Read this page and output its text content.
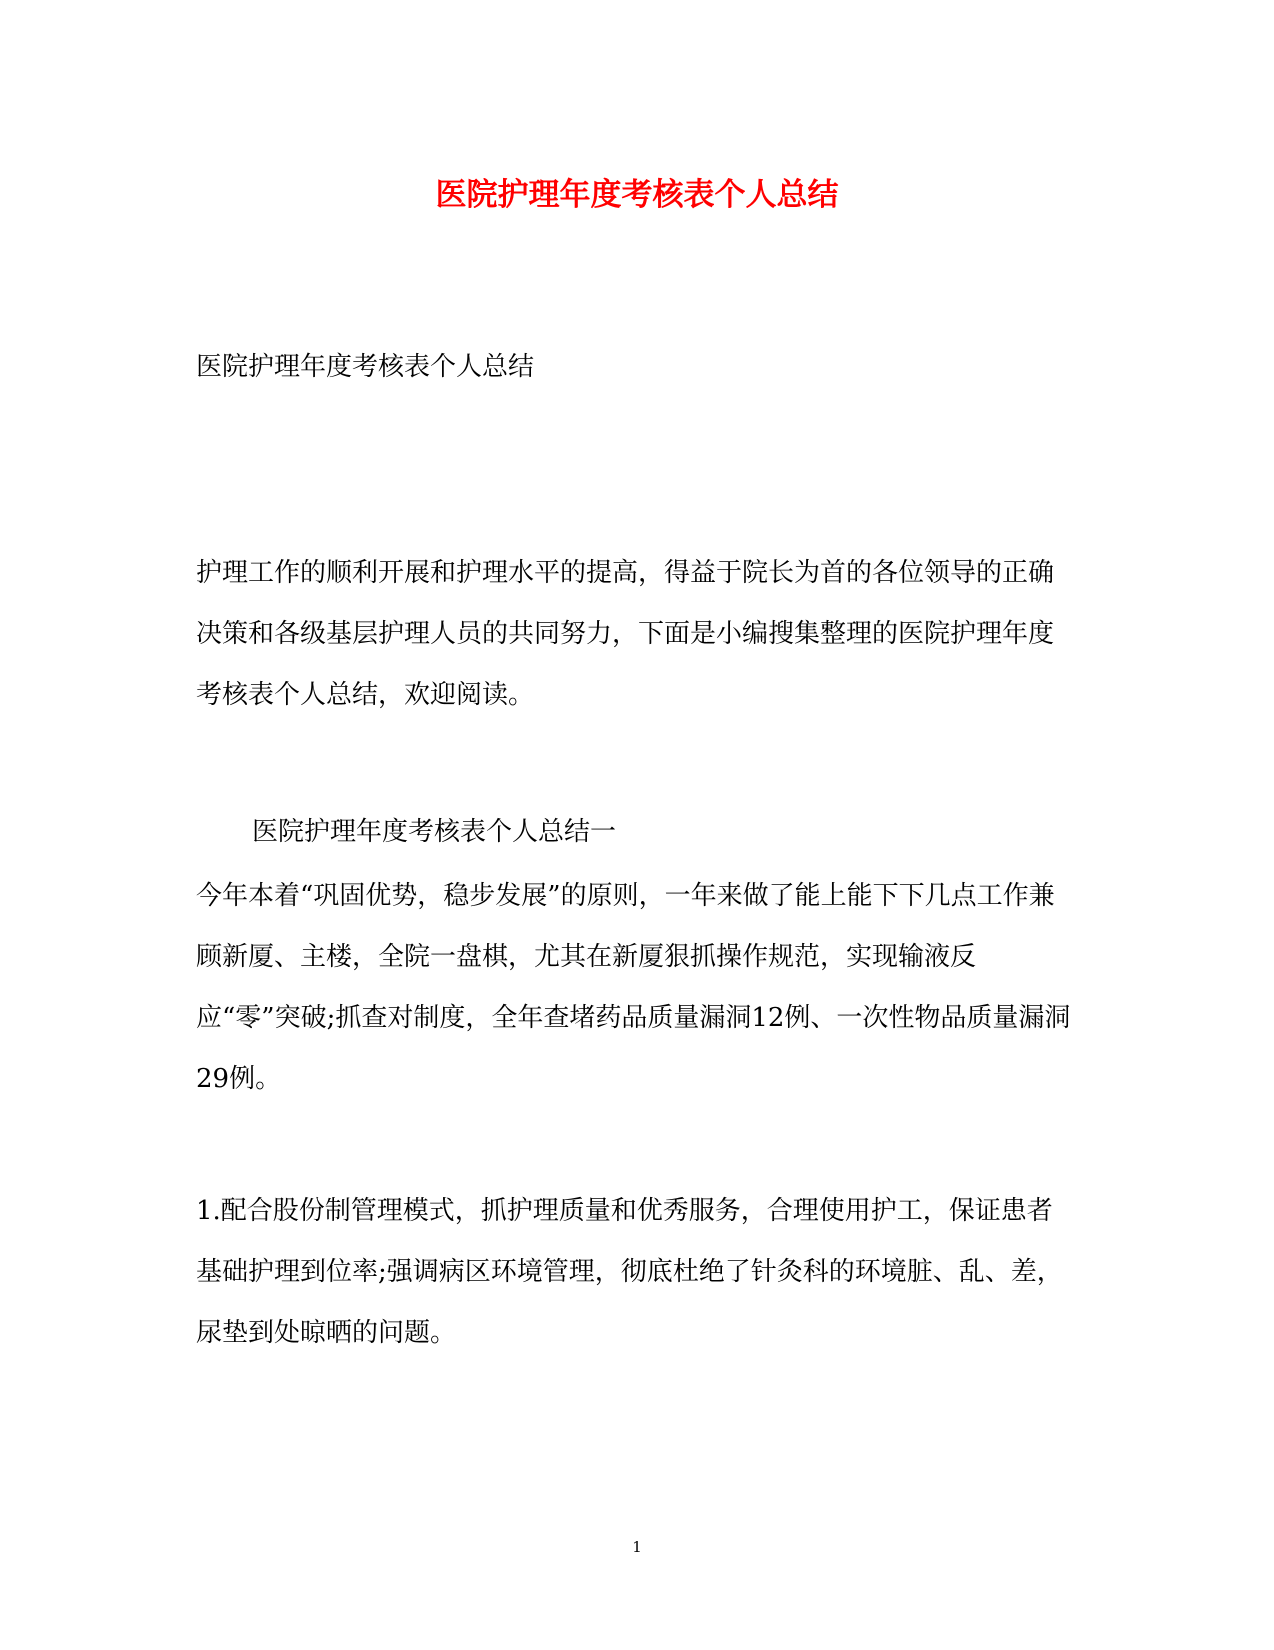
医院护理年度考核表个人总结

医院护理年度考核表个人总结

护理工作的顺利开展和护理水平的提高，得益于院长为首的各位领导的正确决策和各级基层护理人员的共同努力，下面是小编搜集整理的医院护理年度考核表个人总结，欢迎阅读。

医院护理年度考核表个人总结一

今年本着“巩固优势，稳步发展”的原则，一年来做了能上能下下几点工作兼顾新厦、主楼，全院一盘棋，尤其在新厦狠抓操作规范，实现输液反应“零”突破;抓查对制度，全年查堵药品质量漏洞12例、一次性物品质量漏洞29例。

1.配合股份制管理模式，抓护理质量和优秀服务，合理使用护工，保证患者基础护理到位率;强调病区环境管理，彻底杜绝了针灸科的环境脏、乱、差，尿垫到处晾晒的问题。

1
